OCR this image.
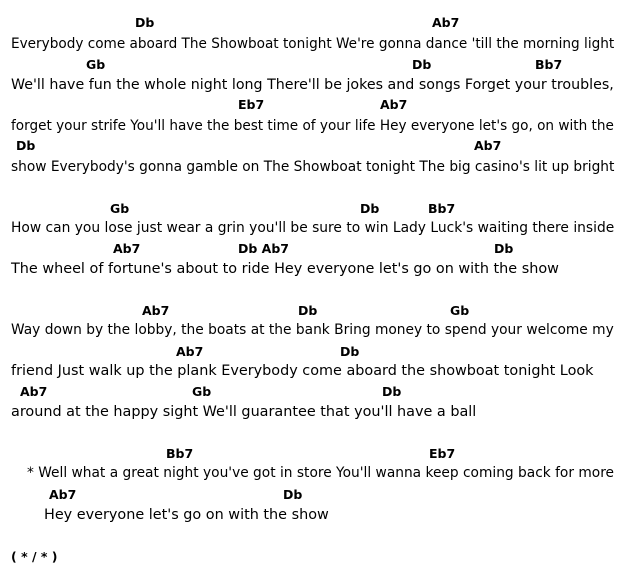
Db	Ab7
Everybody come aboard The Showboat tonight We're gonna dance 'till the morning light
Gb	Db	Bb7
We'll have fun the whole night long There'll be jokes and songs Forget your troubles,
Eb7	Ab7
forget your strife You'll have the best time of your life Hey everyone let's go, on with the
Db	Ab7
show Everybody's gonna gamble on The Showboat tonight The big casino's lit up bright
Gb	Db	Bb7
How can you lose just wear a grin you'll be sure to win Lady Luck's waiting there inside
Ab7	Db Ab7	Db
The wheel of fortune's about to ride Hey everyone let's go on with the show
Ab7	Db	Gb
Way down by the lobby, the boats at the bank Bring money to spend your welcome my
Ab7	Db
friend Just walk up the plank Everybody come aboard the showboat tonight Look
Ab7	Gb	Db
around at the happy sight We'll guarantee that you'll have a ball
Bb7	Eb7
* Well what a great night you've got in store You'll wanna keep coming back for more
Ab7	Db
Hey everyone let's go on with the show
( * / * )
